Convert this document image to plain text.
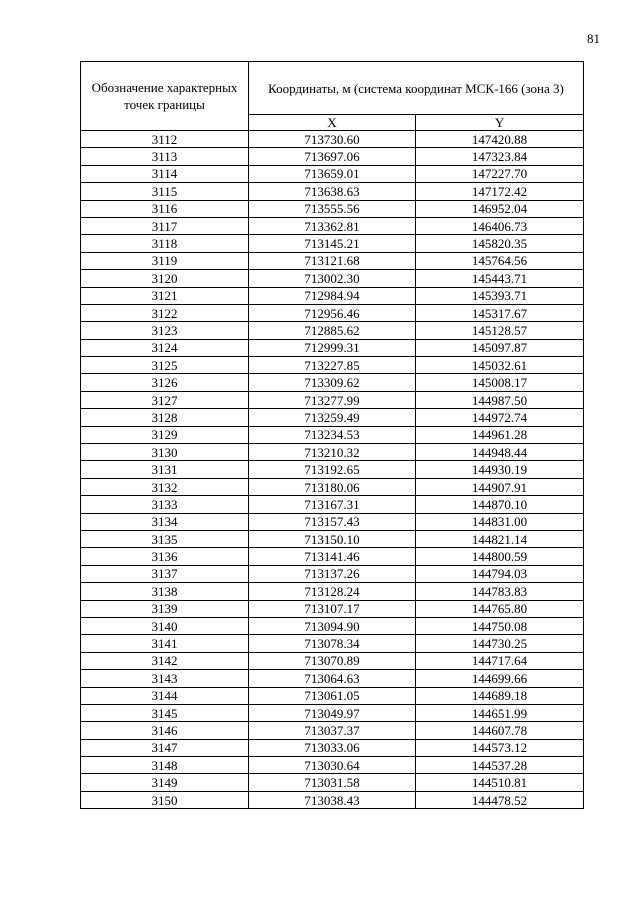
81
Обозначение характерных точек границы	Координаты, м (система координат МСК-166 (зона 3)	
	X	Y
3112	713730.60	147420.88
3113	713697.06	147323.84
3114	713659.01	147227.70
3115	713638.63	147172.42
3116	713555.56	146952.04
3117	713362.81	146406.73
3118	713145.21	145820.35
3119	713121.68	145764.56
3120	713002.30	145443.71
3121	712984.94	145393.71
3122	712956.46	145317.67
3123	712885.62	145128.57
3124	712999.31	145097.87
3125	713227.85	145032.61
3126	713309.62	145008.17
3127	713277.99	144987.50
3128	713259.49	144972.74
3129	713234.53	144961.28
3130	713210.32	144948.44
3131	713192.65	144930.19
3132	713180.06	144907.91
3133	713167.31	144870.10
3134	713157.43	144831.00
3135	713150.10	144821.14
3136	713141.46	144800.59
3137	713137.26	144794.03
3138	713128.24	144783.83
3139	713107.17	144765.80
3140	713094.90	144750.08
3141	713078.34	144730.25
3142	713070.89	144717.64
3143	713064.63	144699.66
3144	713061.05	144689.18
3145	713049.97	144651.99
3146	713037.37	144607.78
3147	713033.06	144573.12
3148	713030.64	144537.28
3149	713031.58	144510.81
3150	713038.43	144478.52
